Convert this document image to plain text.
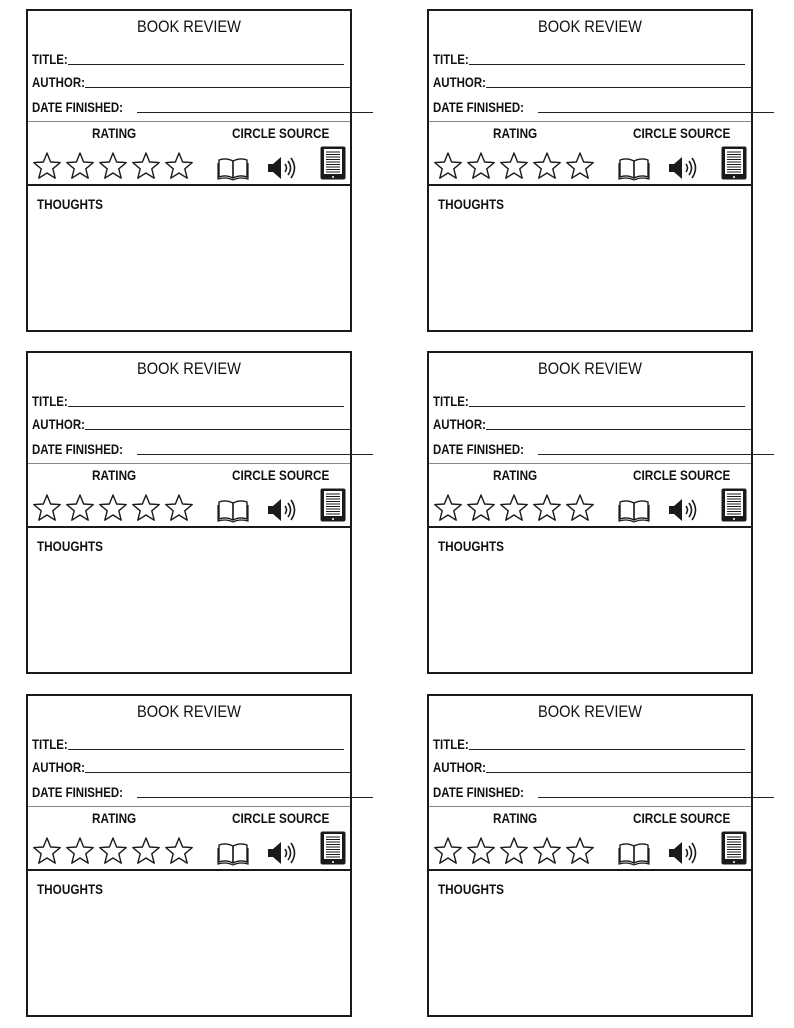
BOOK REVIEW
TITLE:
AUTHOR:
DATE FINISHED:
RATING	CIRCLE SOURCE
THOUGHTS
BOOK REVIEW
TITLE:
AUTHOR:
DATE FINISHED:
RATING	CIRCLE SOURCE
THOUGHTS
BOOK REVIEW
TITLE:
AUTHOR:
DATE FINISHED:
RATING	CIRCLE SOURCE
THOUGHTS
BOOK REVIEW
TITLE:
AUTHOR:
DATE FINISHED:
RATING	CIRCLE SOURCE
THOUGHTS
BOOK REVIEW
TITLE:
AUTHOR:
DATE FINISHED:
RATING	CIRCLE SOURCE
THOUGHTS
BOOK REVIEW
TITLE:
AUTHOR:
DATE FINISHED:
RATING	CIRCLE SOURCE
THOUGHTS
